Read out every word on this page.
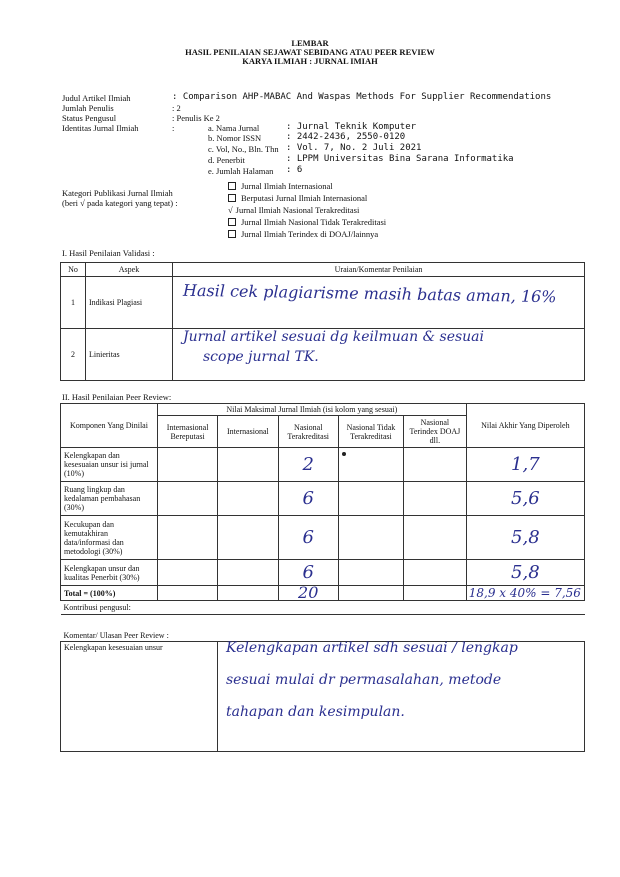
LEMBAR
HASIL PENILAIAN SEJAWAT SEBIDANG ATAU PEER REVIEW
KARYA ILMIAH : JURNAL IMIAH
Judul Artikel Ilmiah	: Comparison AHP-MABAC And Waspas Methods For Supplier Recommendations
Jumlah Penulis	: 2
Status Pengusul	: Penulis Ke 2
Identitas Jurnal Ilmiah	:	a. Nama Jurnal	: Jurnal Teknik Komputer
b. Nomor ISSN	: 2442-2436, 2550-0120
c. Vol, No., Bln. Thn : Vol. 7, No. 2 Juli 2021
d. Penerbit	: LPPM Universitas Bina Sarana Informatika
e. Jumlah Halaman : 6
Kategori Publikasi Jurnal Ilmiah
(beri √ pada kategori yang tepat) :
Jurnal Ilmiah Internasional
Berputasi Jurnal Ilmiah Internasional
√ Jurnal Ilmiah Nasional Terakreditasi
Jurnal Ilmiah Nasional Tidak Terakreditasi
Jurnal Ilmiah Terindex di DOAJ/lainnya
I. Hasil Penilaian Validasi :
No	Aspek	Uraian/Komentar Penilaian
1	Indikasi Plagiasi	Hasil cek plagiarisme masih batas aman, 16%

2	Linieritas	Jurnal artikel sesuai dg keilmuan & sesuai
scope jurnal TK.
II. Hasil Penilaian Peer Review:
Komponen Yang Dinilai	Nilai Maksimal Jurnal Ilmiah (isi kolom yang sesuai)					Nilai Akhir Yang Diperoleh
	Internasional Bereputasi	Internasional	Nasional Terakreditasi	Nasional Tidak Terakreditasi	Nasional Terindex DOAJ dll.	
Kelengkapan dan kesesuaian unsur isi jurnal (10%)			2			1,7
Ruang lingkup dan kedalaman pembahasan (30%)			6			5,6
Kecukupan dan kemutakhiran data/informasi dan metodologi (30%)			6			5,8
Kelengkapan unsur dan kualitas Penerbit (30%)			6			5,8
Total = (100%)			20			18,9 x 40% = 7,56
Kontribusi pengusul:						
Komentar/ Ulasan Peer Review :
Kelengkapan kesesuaian unsur	Kelengkapan artikel sdh sesuai / lengkap
sesuai mulai dr permasalahan, metode
tahapan dan kesimpulan.
